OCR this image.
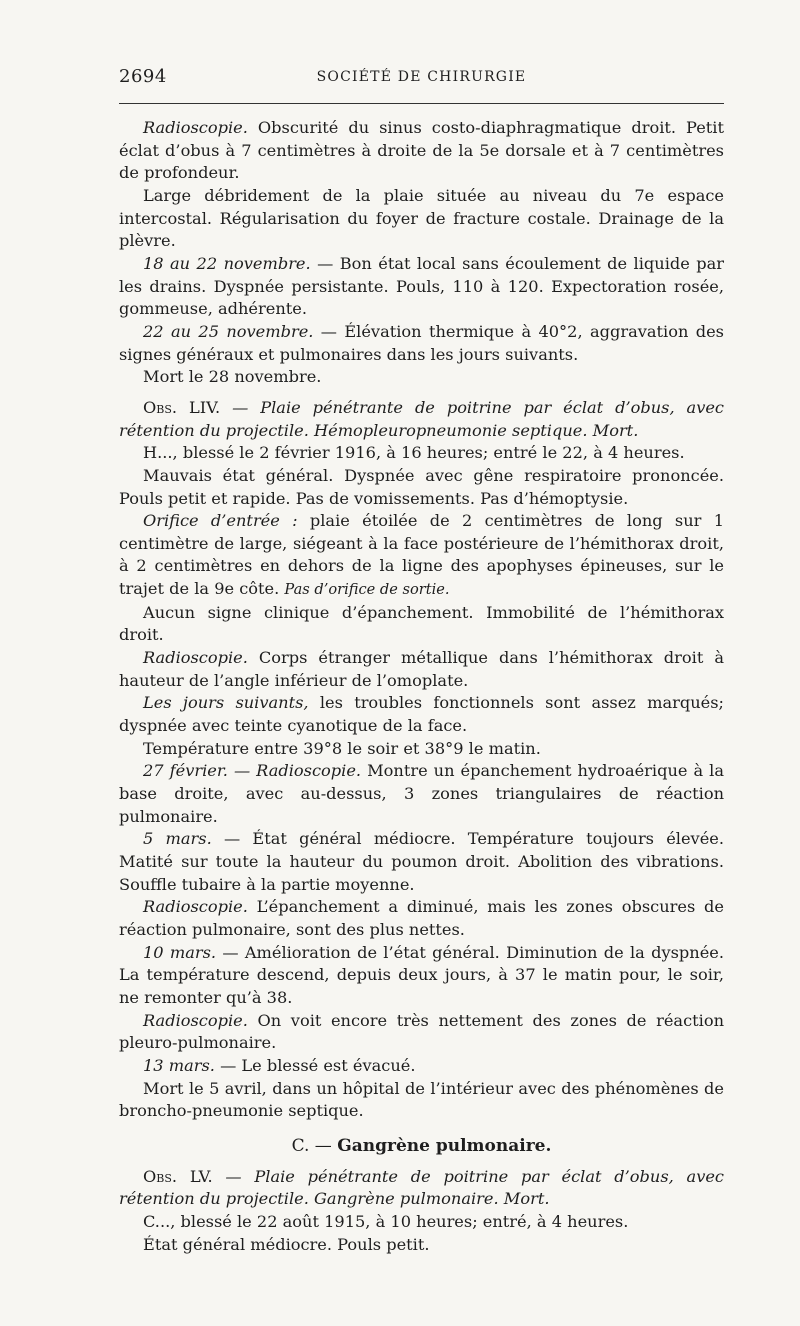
2694	SOCIÉTÉ DE CHIRURGIE

Radioscopie. Obscurité du sinus costo-diaphragmatique droit. Petit éclat d’obus à 7 centimètres à droite de la 5e dorsale et à 7 centimètres de profondeur.

Large débridement de la plaie située au niveau du 7e espace intercostal. Régularisation du foyer de fracture costale. Drainage de la plèvre.

18 au 22 novembre. — Bon état local sans écoulement de liquide par les drains. Dyspnée persistante. Pouls, 110 à 120. Expectoration rosée, gommeuse, adhérente.

22 au 25 novembre. — Élévation thermique à 40°2, aggravation des signes généraux et pulmonaires dans les jours suivants.

Mort le 28 novembre.

Obs. LIV. — Plaie pénétrante de poitrine par éclat d’obus, avec rétention du projectile. Hémopleuropneumonie septique. Mort.

H..., blessé le 2 février 1916, à 16 heures; entré le 22, à 4 heures.

Mauvais état général. Dyspnée avec gêne respiratoire prononcée. Pouls petit et rapide. Pas de vomissements. Pas d’hémoptysie.

Orifice d’entrée : plaie étoilée de 2 centimètres de long sur 1 centimètre de large, siégeant à la face postérieure de l’hémithorax droit, à 2 centimètres en dehors de la ligne des apophyses épineuses, sur le trajet de la 9e côte. Pas d’orifice de sortie.

Aucun signe clinique d’épanchement. Immobilité de l’hémithorax droit.

Radioscopie. Corps étranger métallique dans l’hémithorax droit à hauteur de l’angle inférieur de l’omoplate.

Les jours suivants, les troubles fonctionnels sont assez marqués; dyspnée avec teinte cyanotique de la face.

Température entre 39°8 le soir et 38°9 le matin.

27 février. — Radioscopie. Montre un épanchement hydroaérique à la base droite, avec au-dessus, 3 zones triangulaires de réaction pulmonaire.

5 mars. — État général médiocre. Température toujours élevée. Matité sur toute la hauteur du poumon droit. Abolition des vibrations. Souffle tubaire à la partie moyenne.

Radioscopie. L’épanchement a diminué, mais les zones obscures de réaction pulmonaire, sont des plus nettes.

10 mars. — Amélioration de l’état général. Diminution de la dyspnée. La température descend, depuis deux jours, à 37 le matin pour, le soir, ne remonter qu’à 38.

Radioscopie. On voit encore très nettement des zones de réaction pleuro-pulmonaire.

13 mars. — Le blessé est évacué.

Mort le 5 avril, dans un hôpital de l’intérieur avec des phénomènes de broncho-pneumonie septique.

C. — Gangrène pulmonaire.

Obs. LV. — Plaie pénétrante de poitrine par éclat d’obus, avec rétention du projectile. Gangrène pulmonaire. Mort.

C..., blessé le 22 août 1915, à 10 heures; entré, à 4 heures.

État général médiocre. Pouls petit.
